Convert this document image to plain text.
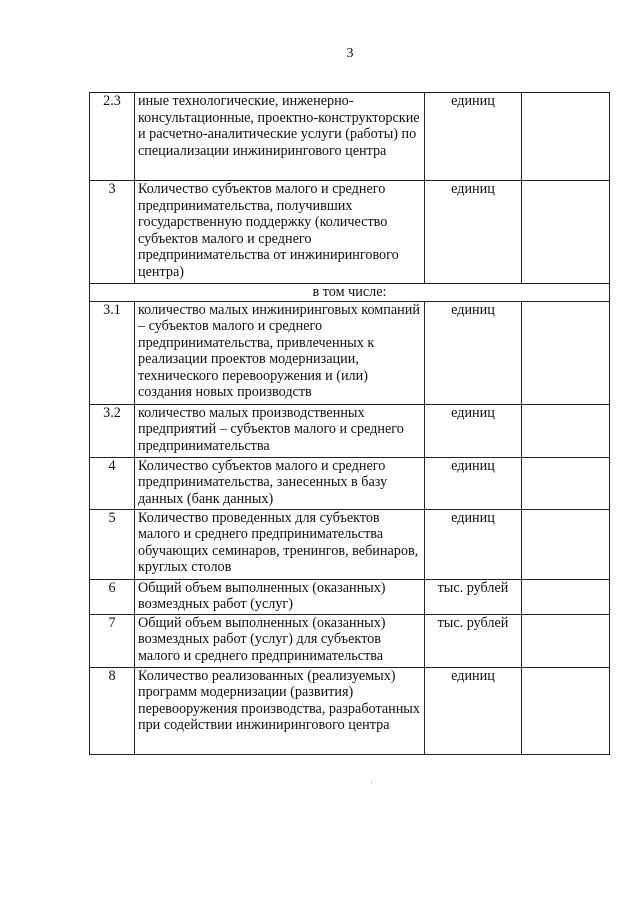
3
2.3	иные технологические, инженерно-консультационные, проектно-конструкторские и расчетно-аналитические услуги (работы) по специализации инжинирингового центра	единиц	
3	Количество субъектов малого и среднего предпринимательства, получивших государственную поддержку (количество субъектов малого и среднего предпринимательства от инжинирингового центра)	единиц	
в том числе:			
3.1	количество малых инжиниринговых компаний – субъектов малого и среднего предпринимательства, привлеченных к реализации проектов модернизации, технического перевооружения и (или) создания новых производств	единиц	
3.2	количество малых производственных предприятий – субъектов малого и среднего предпринимательства	единиц	
4	Количество субъектов малого и среднего предпринимательства, занесенных в базу данных (банк данных)	единиц	
5	Количество проведенных для субъектов малого и среднего предпринимательства обучающих семинаров, тренингов, вебинаров, круглых столов	единиц	
6	Общий объем выполненных (оказанных) возмездных работ (услуг)	тыс. рублей	
7	Общий объем выполненных (оказанных) возмездных работ (услуг) для субъектов малого и среднего предпринимательства	тыс. рублей	
8	Количество реализованных (реализуемых) программ модернизации (развития) перевооружения производства, разработанных при содействии инжинирингового центра	единиц	
